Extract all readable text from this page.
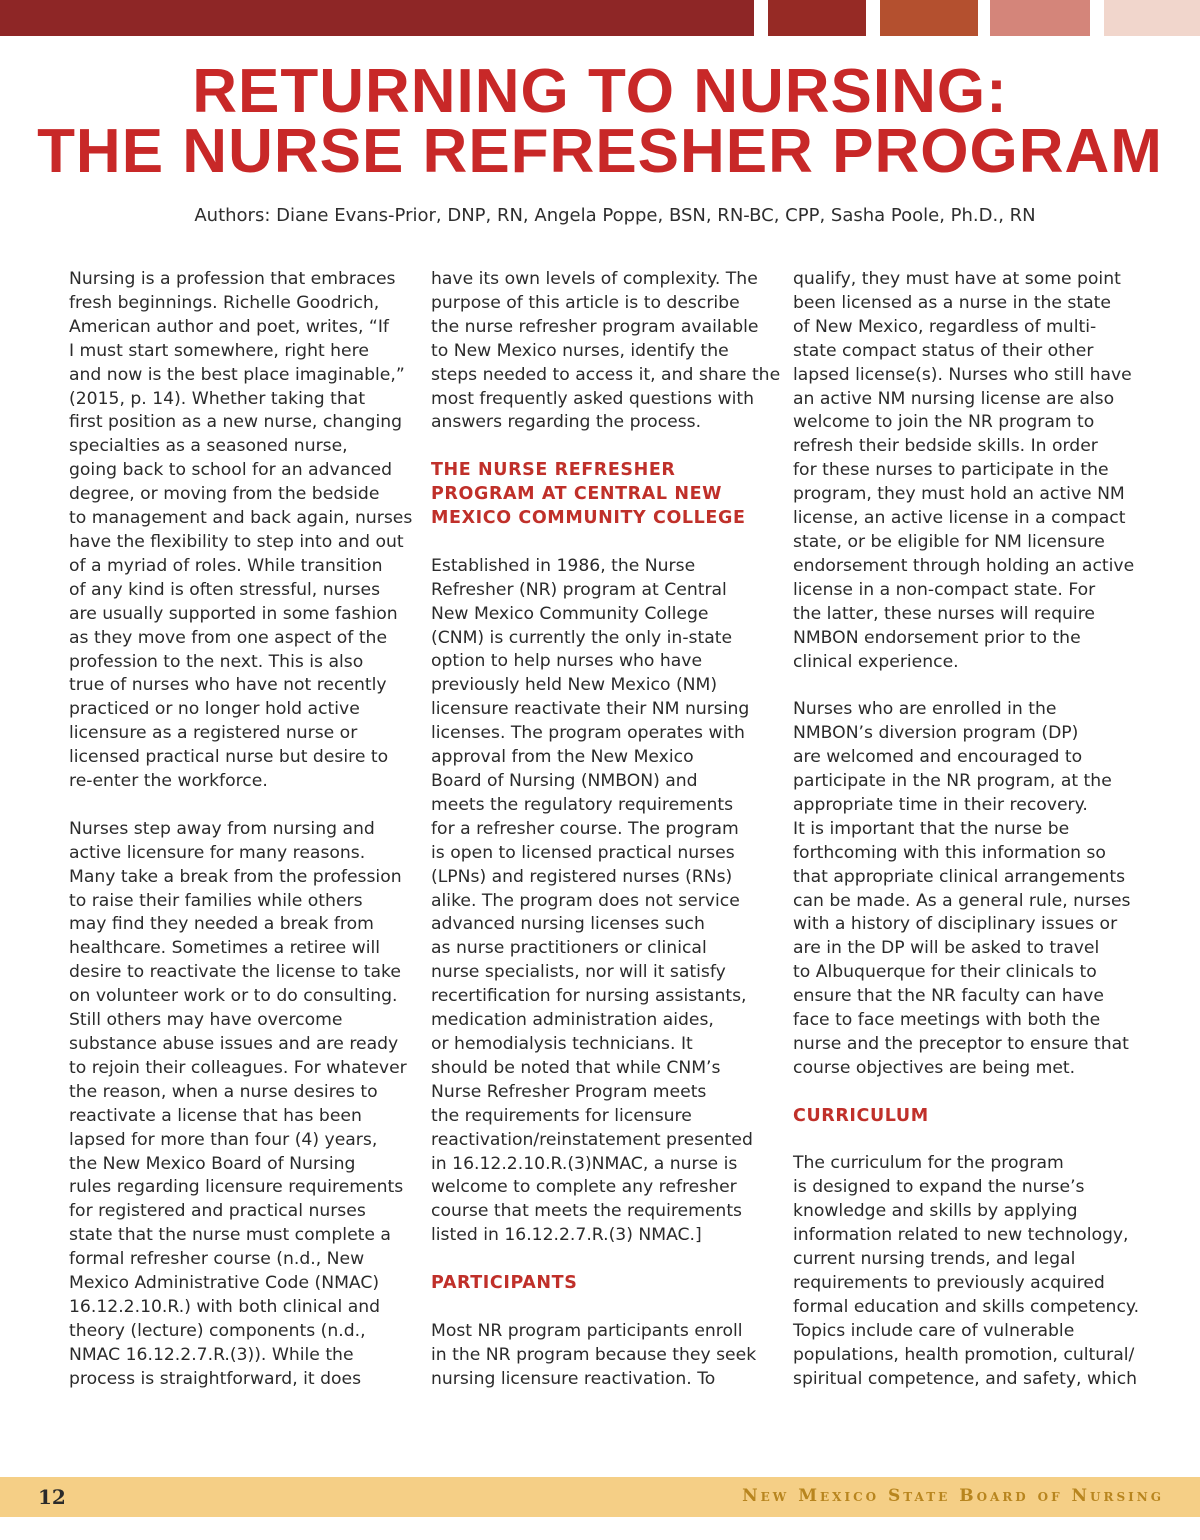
RETURNING TO NURSING:
THE NURSE REFRESHER PROGRAM
Authors: Diane Evans-Prior, DNP, RN, Angela Poppe, BSN, RN-BC, CPP, Sasha Poole, Ph.D., RN

Nursing is a profession that embraces
fresh beginnings. Richelle Goodrich,
American author and poet, writes, “If
I must start somewhere, right here
and now is the best place imaginable,”
(2015, p. 14). Whether taking that
first position as a new nurse, changing
specialties as a seasoned nurse,
going back to school for an advanced
degree, or moving from the bedside
to management and back again, nurses
have the flexibility to step into and out
of a myriad of roles. While transition
of any kind is often stressful, nurses
are usually supported in some fashion
as they move from one aspect of the
profession to the next. This is also
true of nurses who have not recently
practiced or no longer hold active
licensure as a registered nurse or
licensed practical nurse but desire to
re-enter the workforce.

Nurses step away from nursing and
active licensure for many reasons.
Many take a break from the profession
to raise their families while others
may find they needed a break from
healthcare. Sometimes a retiree will
desire to reactivate the license to take
on volunteer work or to do consulting.
Still others may have overcome
substance abuse issues and are ready
to rejoin their colleagues. For whatever
the reason, when a nurse desires to
reactivate a license that has been
lapsed for more than four (4) years,
the New Mexico Board of Nursing
rules regarding licensure requirements
for registered and practical nurses
state that the nurse must complete a
formal refresher course (n.d., New
Mexico Administrative Code (NMAC)
16.12.2.10.R.) with both clinical and
theory (lecture) components (n.d.,
NMAC 16.12.2.7.R.(3)). While the
process is straightforward, it does

have its own levels of complexity. The
purpose of this article is to describe
the nurse refresher program available
to New Mexico nurses, identify the
steps needed to access it, and share the
most frequently asked questions with
answers regarding the process.

THE NURSE REFRESHER
PROGRAM AT CENTRAL NEW
MEXICO COMMUNITY COLLEGE

Established in 1986, the Nurse
Refresher (NR) program at Central
New Mexico Community College
(CNM) is currently the only in-state
option to help nurses who have
previously held New Mexico (NM)
licensure reactivate their NM nursing
licenses. The program operates with
approval from the New Mexico
Board of Nursing (NMBON) and
meets the regulatory requirements
for a refresher course. The program
is open to licensed practical nurses
(LPNs) and registered nurses (RNs)
alike. The program does not service
advanced nursing licenses such
as nurse practitioners or clinical
nurse specialists, nor will it satisfy
recertification for nursing assistants,
medication administration aides,
or hemodialysis technicians. It
should be noted that while CNM’s
Nurse Refresher Program meets
the requirements for licensure
reactivation/reinstatement presented
in 16.12.2.10.R.(3)NMAC, a nurse is
welcome to complete any refresher
course that meets the requirements
listed in 16.12.2.7.R.(3) NMAC.]

PARTICIPANTS

Most NR program participants enroll
in the NR program because they seek
nursing licensure reactivation. To

qualify, they must have at some point
been licensed as a nurse in the state
of New Mexico, regardless of multi-
state compact status of their other
lapsed license(s). Nurses who still have
an active NM nursing license are also
welcome to join the NR program to
refresh their bedside skills. In order
for these nurses to participate in the
program, they must hold an active NM
license, an active license in a compact
state, or be eligible for NM licensure
endorsement through holding an active
license in a non-compact state. For
the latter, these nurses will require
NMBON endorsement prior to the
clinical experience.

Nurses who are enrolled in the
NMBON’s diversion program (DP)
are welcomed and encouraged to
participate in the NR program, at the
appropriate time in their recovery.
It is important that the nurse be
forthcoming with this information so
that appropriate clinical arrangements
can be made. As a general rule, nurses
with a history of disciplinary issues or
are in the DP will be asked to travel
to Albuquerque for their clinicals to
ensure that the NR faculty can have
face to face meetings with both the
nurse and the preceptor to ensure that
course objectives are being met.

CURRICULUM

The curriculum for the program
is designed to expand the nurse’s
knowledge and skills by applying
information related to new technology,
current nursing trends, and legal
requirements to previously acquired
formal education and skills competency.
Topics include care of vulnerable
populations, health promotion, cultural/
spiritual competence, and safety, which

12	New Mexico State Board of Nursing
